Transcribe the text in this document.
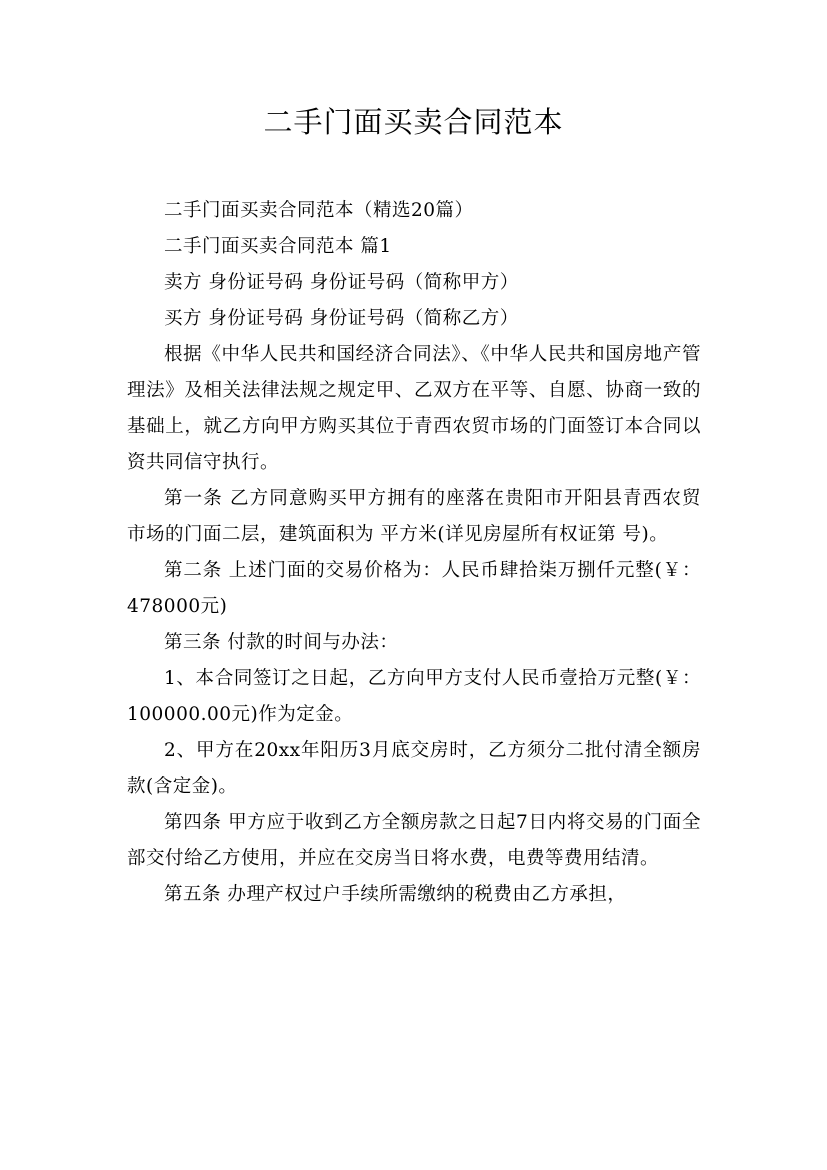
二手门面买卖合同范本

二手门面买卖合同范本（精选20篇）

二手门面买卖合同范本 篇1

卖方 身份证号码 身份证号码（简称甲方）

买方 身份证号码 身份证号码（简称乙方）

根据《中华人民共和国经济合同法》、《中华人民共和国房地产管理法》及相关法律法规之规定甲、乙双方在平等、自愿、协商一致的基础上，就乙方向甲方购买其位于青西农贸市场的门面签订本合同以资共同信守执行。

第一条 乙方同意购买甲方拥有的座落在贵阳市开阳县青西农贸市场的门面二层，建筑面积为 平方米(详见房屋所有权证第 号)。

第二条 上述门面的交易价格为：人民币肆拾柒万捌仟元整(￥：478000元)

第三条 付款的时间与办法：

1、本合同签订之日起，乙方向甲方支付人民币壹拾万元整(￥：100000.00元)作为定金。

2、甲方在20xx年阳历3月底交房时，乙方须分二批付清全额房款(含定金)。

第四条 甲方应于收到乙方全额房款之日起7日内将交易的门面全部交付给乙方使用，并应在交房当日将水费，电费等费用结清。

第五条 办理产权过户手续所需缴纳的税费由乙方承担，
